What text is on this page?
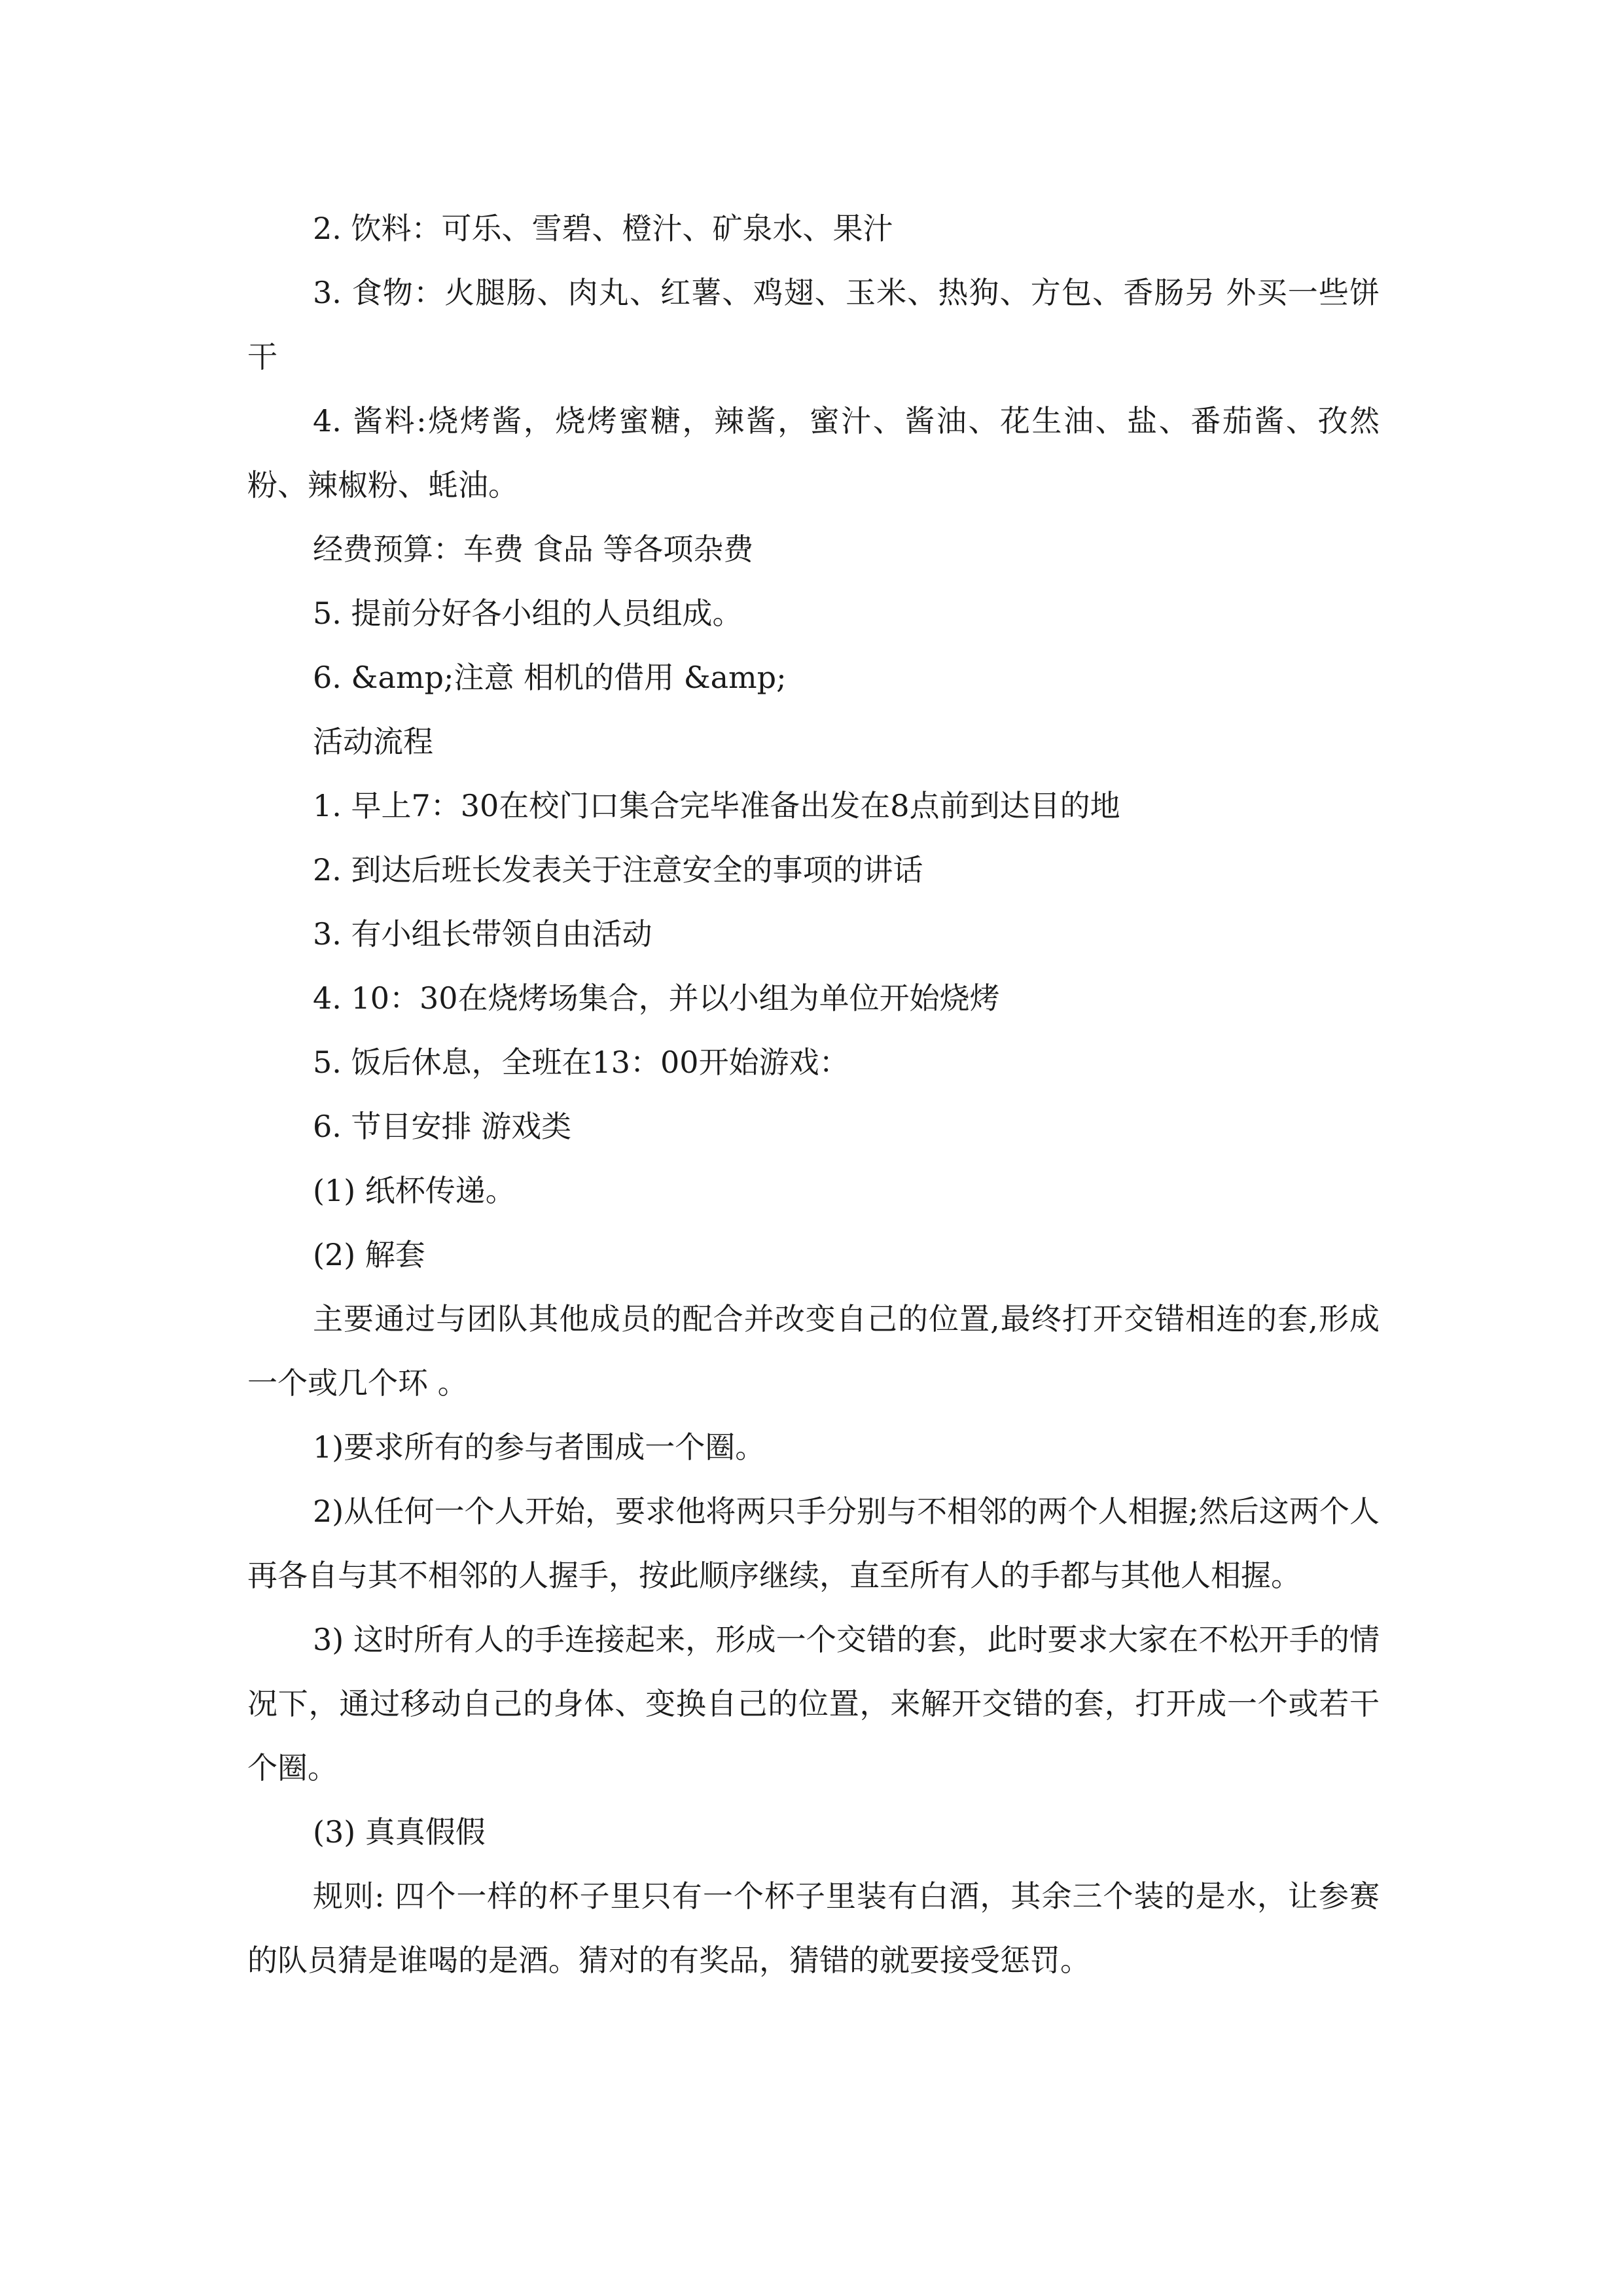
2. 饮料：可乐、雪碧、橙汁、矿泉水、果汁

3. 食物：火腿肠、肉丸、红薯、鸡翅、玉米、热狗、方包、香肠另 外买一些饼干

4. 酱料:烧烤酱，烧烤蜜糖，辣酱，蜜汁、酱油、花生油、盐、番茄酱、孜然粉、辣椒粉、蚝油。

经费预算：车费 食品 等各项杂费

5. 提前分好各小组的人员组成。

6. &amp;注意 相机的借用 &amp;

活动流程

1. 早上7：30在校门口集合完毕准备出发在8点前到达目的地

2. 到达后班长发表关于注意安全的事项的讲话

3. 有小组长带领自由活动

4. 10：30在烧烤场集合，并以小组为单位开始烧烤

5. 饭后休息，全班在13：00开始游戏：

6. 节目安排 游戏类

(1) 纸杯传递。

(2) 解套

主要通过与团队其他成员的配合并改变自己的位置,最终打开交错相连的套,形成一个或几个环 。

1)要求所有的参与者围成一个圈。

2)从任何一个人开始，要求他将两只手分别与不相邻的两个人相握;然后这两个人再各自与其不相邻的人握手，按此顺序继续，直至所有人的手都与其他人相握。

3) 这时所有人的手连接起来，形成一个交错的套，此时要求大家在不松开手的情况下，通过移动自己的身体、变换自己的位置，来解开交错的套，打开成一个或若干个圈。

(3) 真真假假

规则: 四个一样的杯子里只有一个杯子里装有白酒，其余三个装的是水，让参赛的队员猜是谁喝的是酒。猜对的有奖品，猜错的就要接受惩罚。
